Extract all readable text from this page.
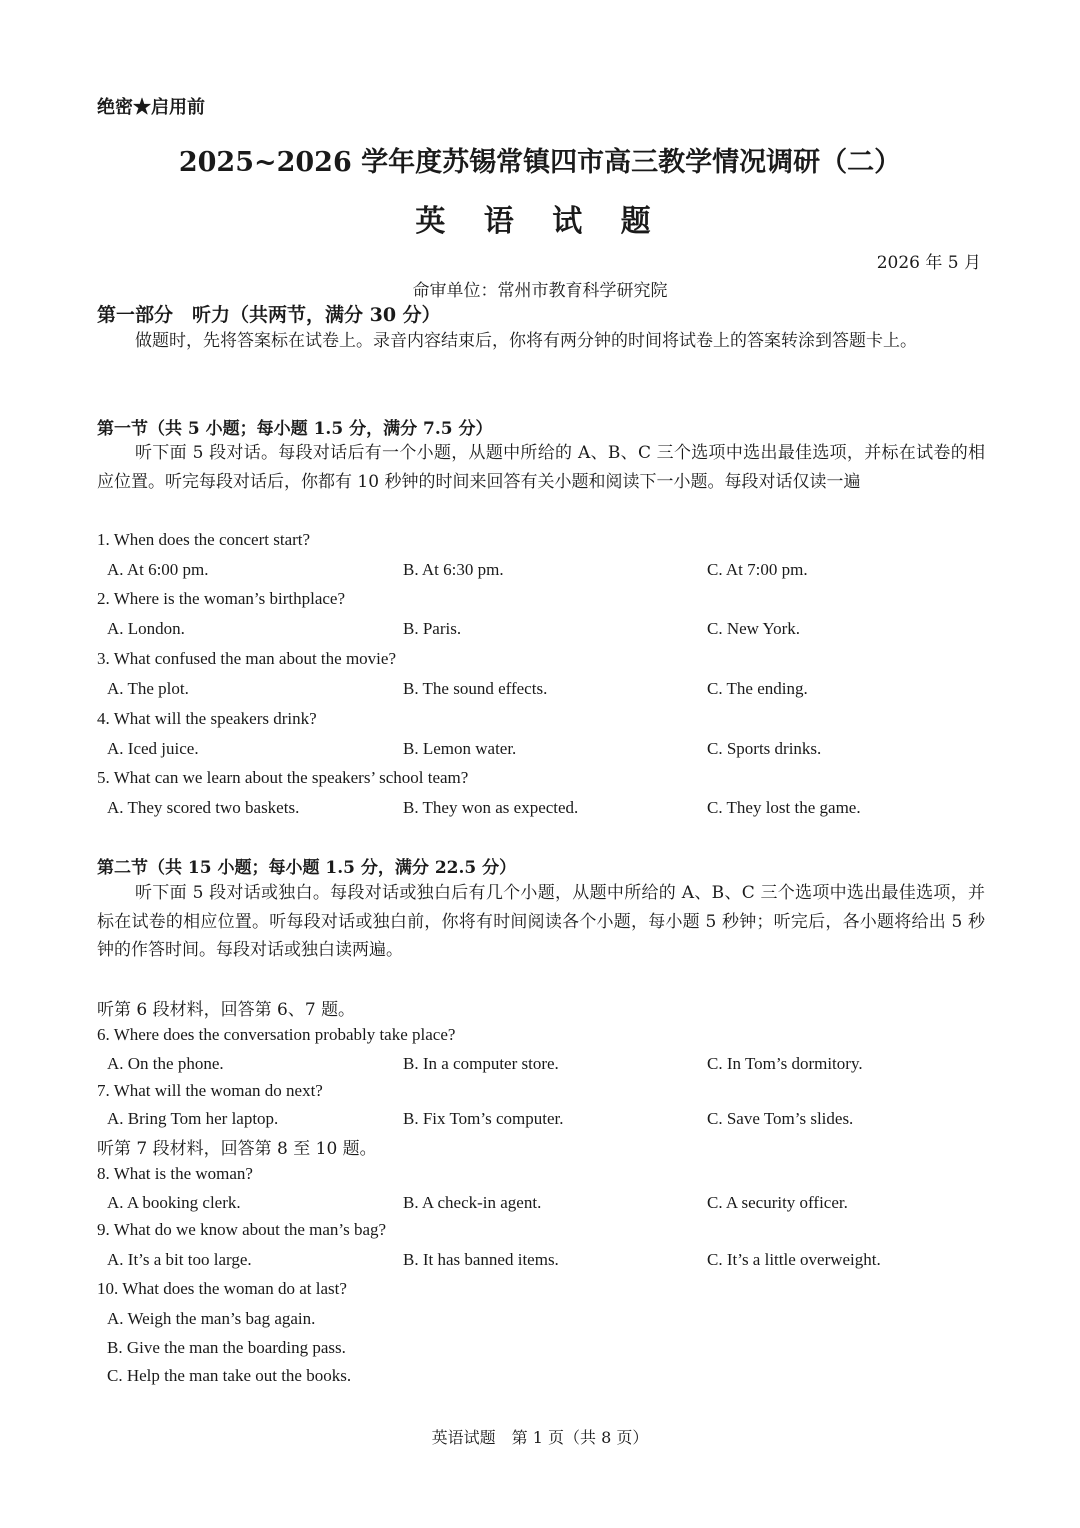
绝密★启用前
2025~2026 学年度苏锡常镇四市高三教学情况调研（二）
英 语 试 题
2026 年 5 月
命审单位：常州市教育科学研究院
第一部分　听力（共两节，满分 30 分）
做题时，先将答案标在试卷上。录音内容结束后，你将有两分钟的时间将试卷上的答案转涂到答题卡上。
第一节（共 5 小题；每小题 1.5 分，满分 7.5 分）
听下面 5 段对话。每段对话后有一个小题，从题中所给的 A、B、C 三个选项中选出最佳选项，并标在试卷的相应位置。听完每段对话后，你都有 10 秒钟的时间来回答有关小题和阅读下一小题。每段对话仅读一遍
1. When does the concert start?
A. At 6:00 pm.	B. At 6:30 pm.	C. At 7:00 pm.
2. Where is the woman’s birthplace?
A. London.	B. Paris.	C. New York.
3. What confused the man about the movie?
A. The plot.	B. The sound effects.	C. The ending.
4. What will the speakers drink?
A. Iced juice.	B. Lemon water.	C. Sports drinks.
5. What can we learn about the speakers’ school team?
A. They scored two baskets.	B. They won as expected.	C. They lost the game.
第二节（共 15 小题；每小题 1.5 分，满分 22.5 分）
听下面 5 段对话或独白。每段对话或独白后有几个小题，从题中所给的 A、B、C 三个选项中选出最佳选项，并标在试卷的相应位置。听每段对话或独白前，你将有时间阅读各个小题，每小题 5 秒钟；听完后，各小题将给出 5 秒钟的作答时间。每段对话或独白读两遍。
听第 6 段材料，回答第 6、7 题。
6. Where does the conversation probably take place?
A. On the phone.	B. In a computer store.	C. In Tom’s dormitory.
7. What will the woman do next?
A. Bring Tom her laptop.	B. Fix Tom’s computer.	C. Save Tom’s slides.
听第 7 段材料，回答第 8 至 10 题。
8. What is the woman?
A. A booking clerk.	B. A check-in agent.	C. A security officer.
9. What do we know about the man’s bag?
A. It’s a bit too large.	B. It has banned items.	C. It’s a little overweight.
10. What does the woman do at last?
A. Weigh the man’s bag again.
B. Give the man the boarding pass.
C. Help the man take out the books.
英语试题　第 1 页（共 8 页）
